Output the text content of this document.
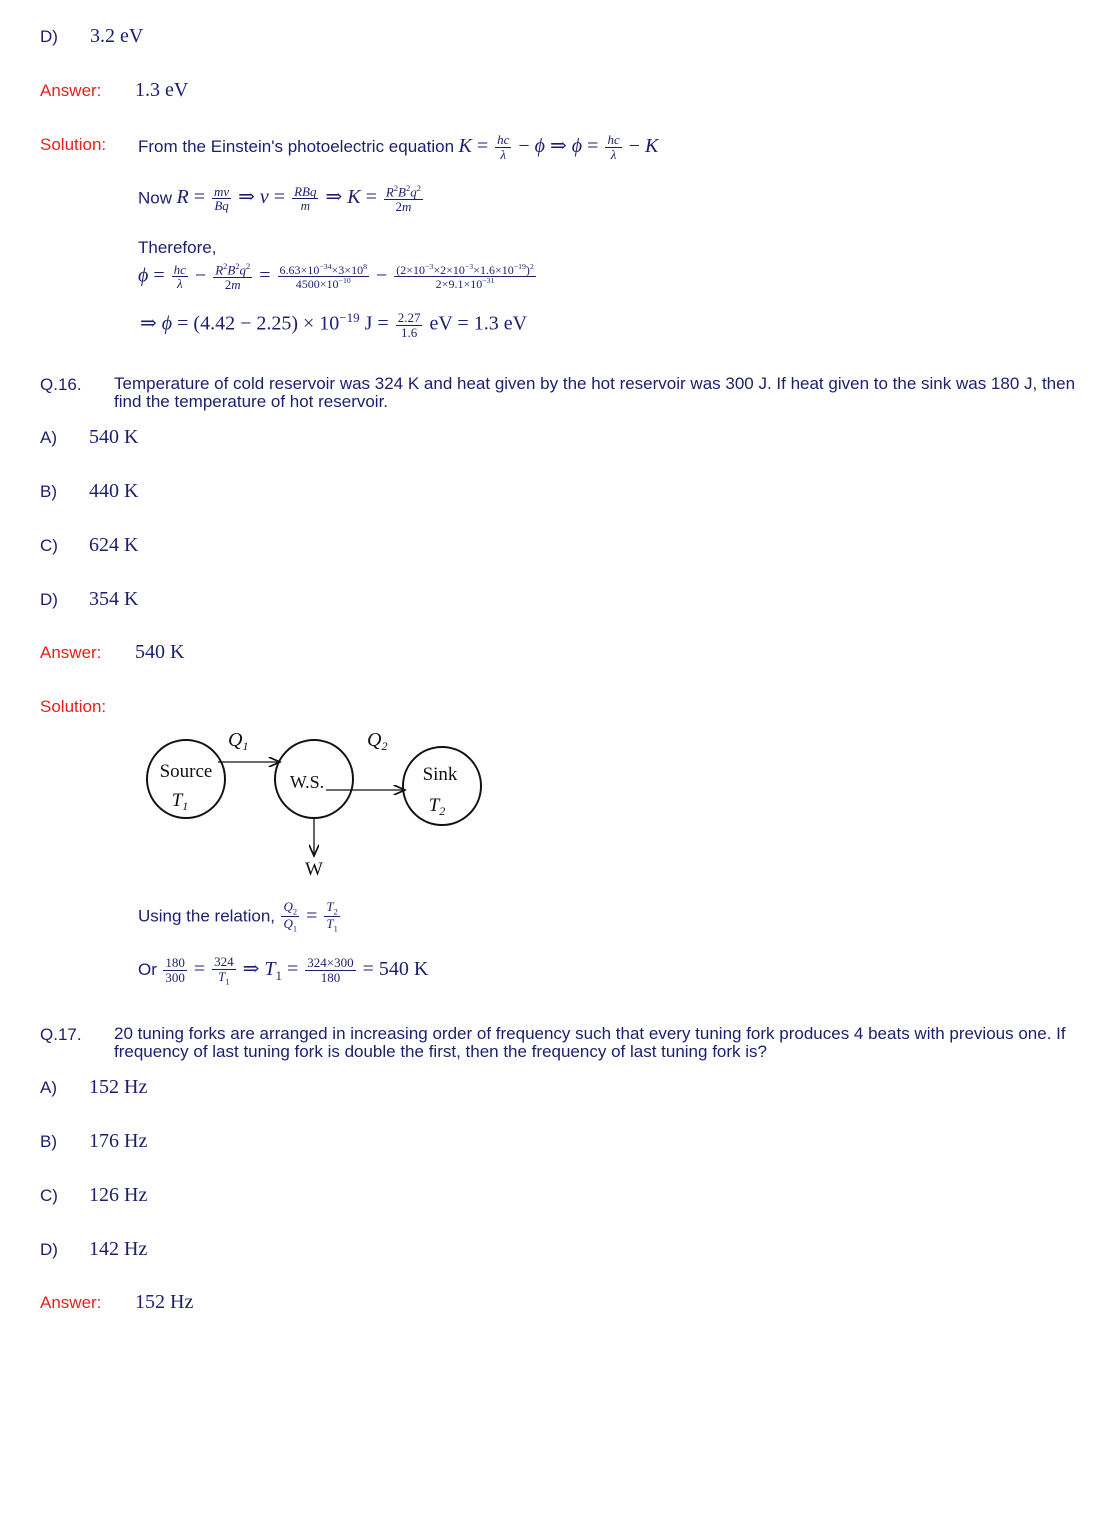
D) 3.2 eV
Answer: 1.3 eV
Solution: From the Einstein's photoelectric equation $K = \frac{hc}{\lambda} - \phi$ ⇒ $\phi = \frac{hc}{\lambda} - K$
Now $R = \frac{mv}{Bq}$ ⇒ $v = \frac{\text{RBq}}{m}$ ⇒ $K = \frac{R^2B^2q^2}{2m}$
Therefore,
$\phi = \frac{hc}{\lambda} - \frac{R^2B^2q^2}{2m} = \frac{6.63\times 10^{-34}\times 3\times 10^8}{4500\times 10^{-10}} - \frac{(2\times 10^{-3}\times 2\times 10^{-3}\times 1.6\times 10^{-19})^2}{2\times 9.1\times 10^{-31}}$
⇒ $\phi = (4.42 - 2.25) \times 10^{-19}$ $J = \frac{2.27}{1.6}$ eV = 1.3 eV
Q.16. Temperature of cold reservoir was 324 K and heat given by the hot reservoir was 300 J. If heat given to the sink was 180 J, then find the temperature of hot reservoir.
A) 540 K
B) 440 K
C) 624 K
D) 354 K
Answer: 540 K
Solution:
Source
$T_1$
W.S.	Sink
$T_2$
$Q_1$	$Q_2$
W
Using the relation, $\frac{Q_2}{Q_1} = \frac{T_2}{T_1}$
Or $\frac{180}{300} = \frac{324}{T_1}$ ⇒ $T_1 = \frac{324\times 300}{180} = 540$ K
Q.17. 20 tuning forks are arranged in increasing order of frequency such that every tuning fork produces 4 beats with previous one. If frequency of last tuning fork is double the first, then the frequency of last tuning fork is?
A) 152 Hz
B) 176 Hz
C) 126 Hz
D) 142 Hz
Answer: 152 Hz
